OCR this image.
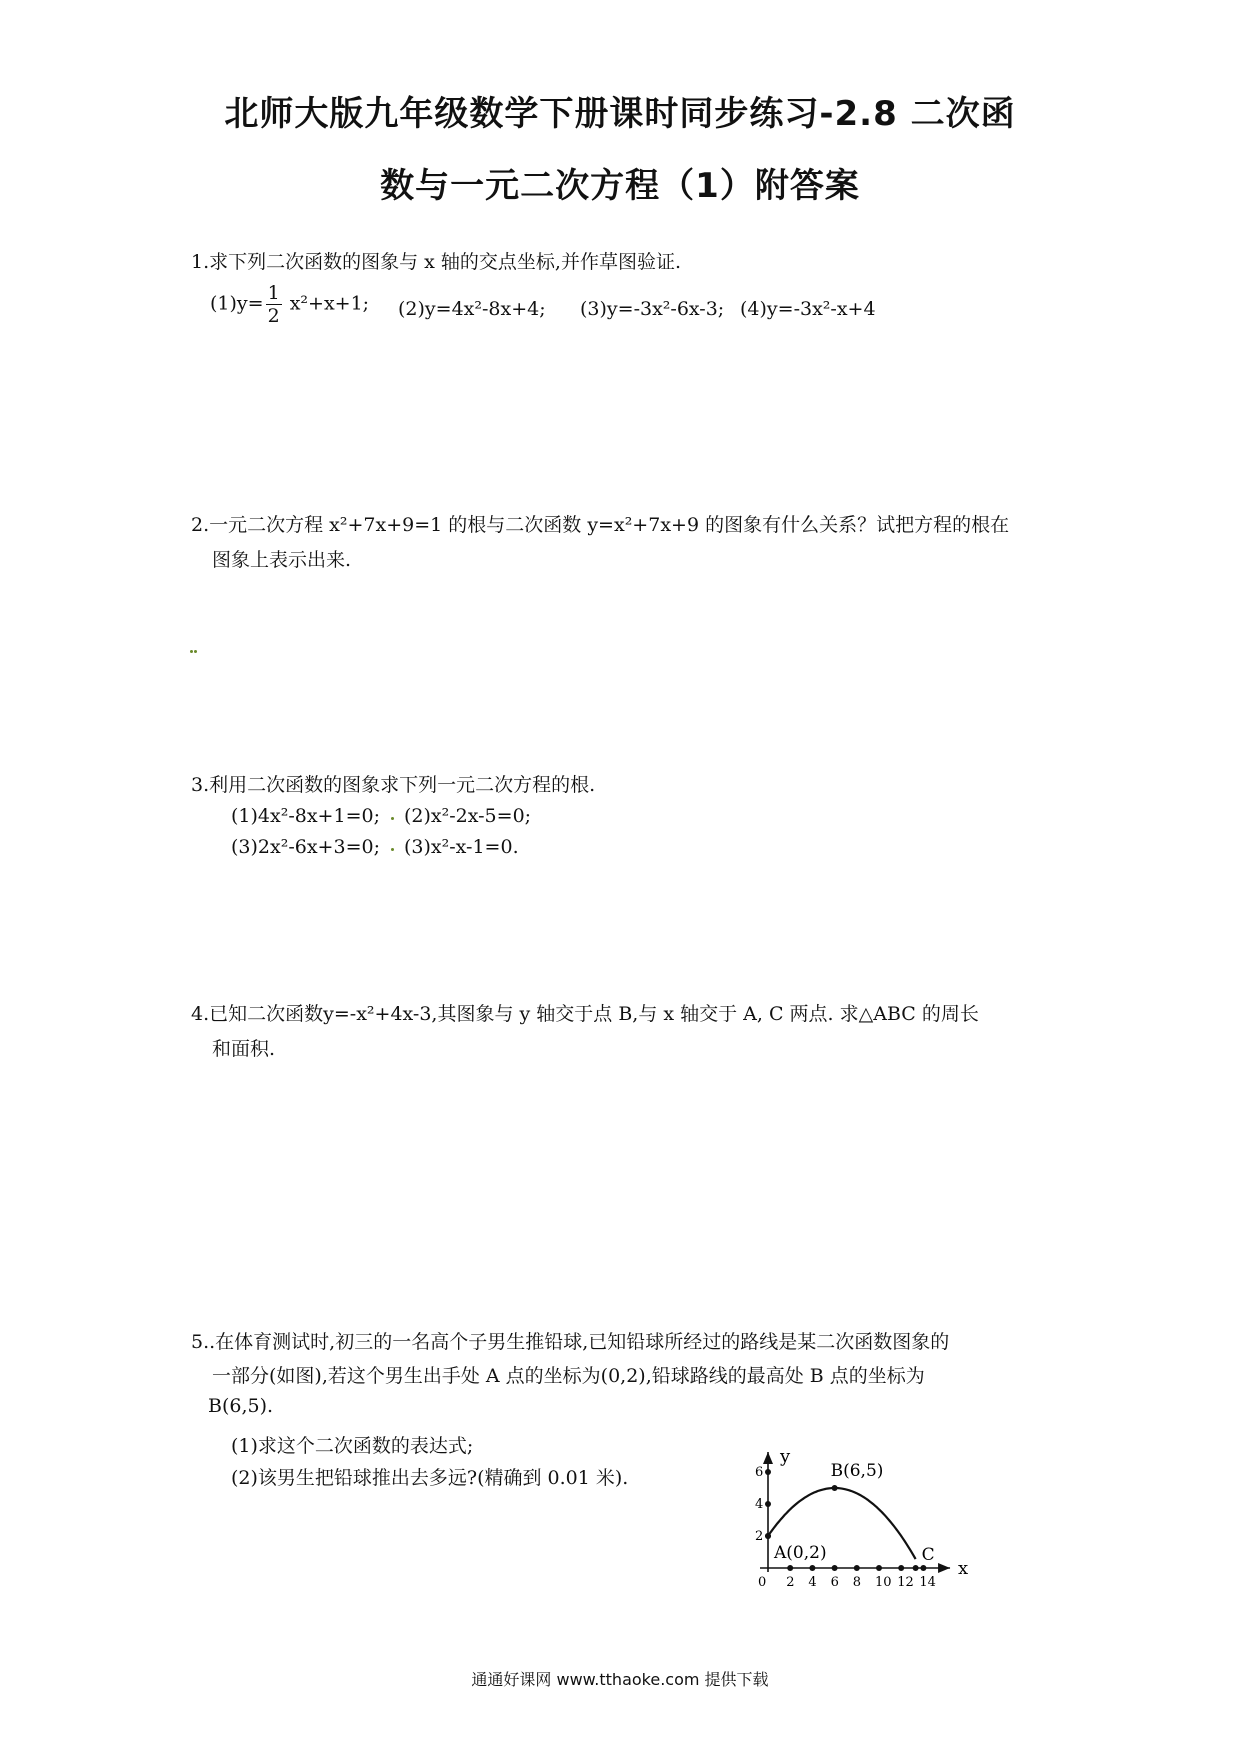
北师大版九年级数学下册课时同步练习-2.8 二次函
数与一元二次方程（1）附答案
1.求下列二次函数的图象与 x 轴的交点坐标,并作草图验证.
$(1)y= \frac{1}{2} x^2+x+1$; (2)y=4x²-8x+4; (3)y=-3x²-6x-3; (4)y=-3x²-x+4
2.一元二次方程 x²+7x+9=1 的根与二次函数 y=x²+7x+9 的图象有什么关系？试把方程的根在
图象上表示出来.
3.利用二次函数的图象求下列一元二次方程的根.
(1)4x²-8x+1=0; (2)x²-2x-5=0;
(3)2x²-6x+3=0; (3)x²-x-1=0.
4.已知二次函数y=-x²+4x-3,其图象与 y 轴交于点 B,与 x 轴交于 A, C 两点. 求△ABC 的周长
和面积.
5..在体育测试时,初三的一名高个子男生推铅球,已知铅球所经过的路线是某二次函数图象的
一部分(如图),若这个男生出手处 A 点的坐标为(0,2),铅球路线的最高处 B 点的坐标为
B(6,5).
(1)求这个二次函数的表达式;
(2)该男生把铅球推出去多远?(精确到 0.01 米).
x
y
0 2 4 6 8 10 12 14
2
4
6
A(0,2)
B(6,5)
C
通通好课网 www.tthaoke.com 提供下载
